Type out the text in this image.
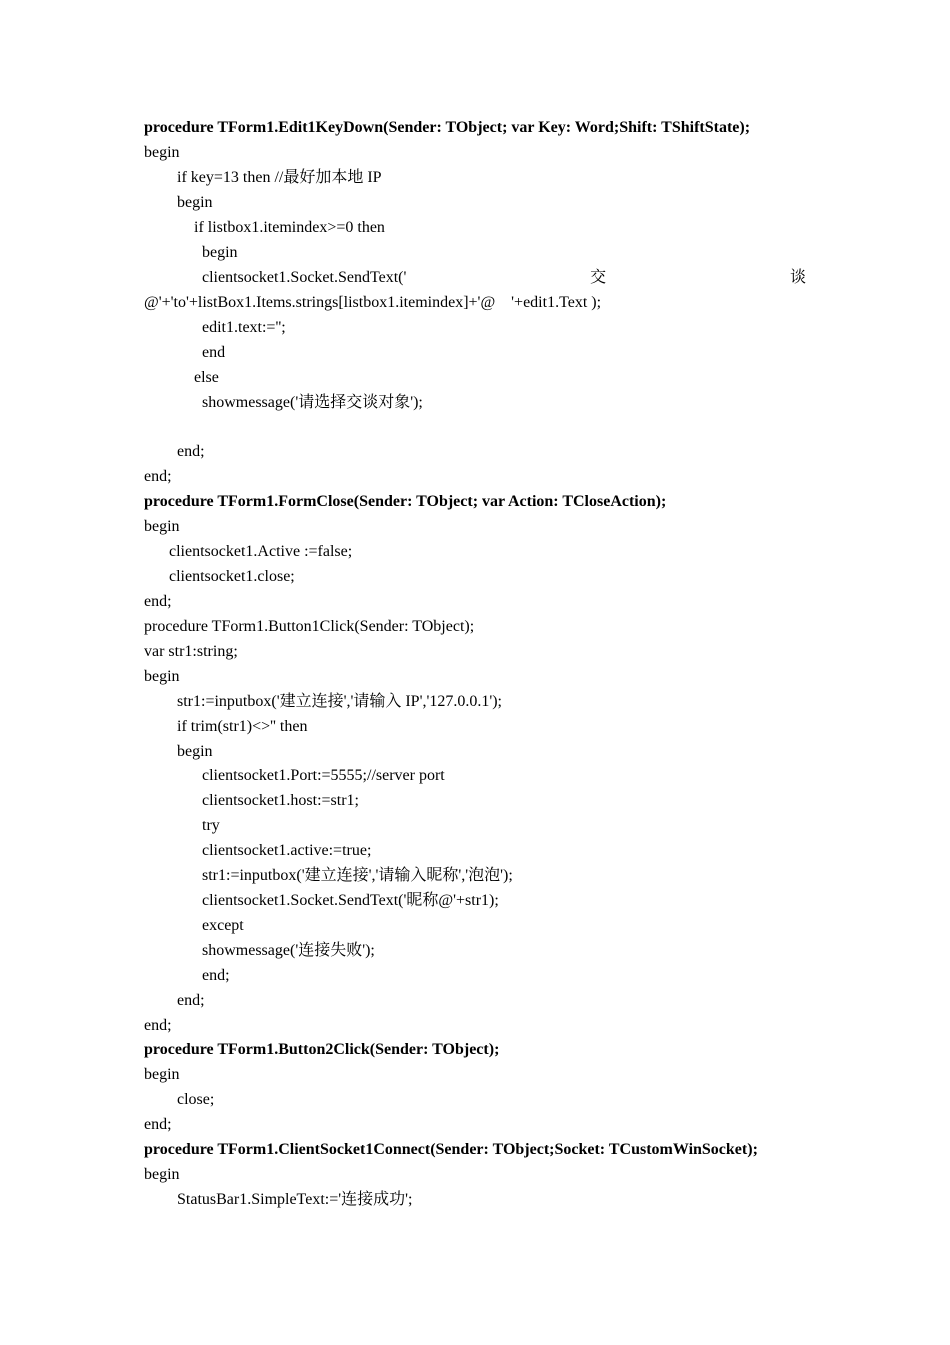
procedure TForm1.Edit1KeyDown(Sender: TObject; var Key: Word;Shift: TShiftState);
begin
if key=13 then //最好加本地 IP
begin
if listbox1.itemindex>=0 then
begin
clientsocket1.Socket.SendText('	交	谈
@'+'to'+listBox1.Items.strings[listbox1.itemindex]+'@    '+edit1.Text );
edit1.text:='';
end
else
showmessage('请选择交谈对象');
end;
end;
procedure TForm1.FormClose(Sender: TObject; var Action: TCloseAction);
begin
clientsocket1.Active :=false;
clientsocket1.close;
end;
procedure TForm1.Button1Click(Sender: TObject);
var str1:string;
begin
str1:=inputbox('建立连接','请输入 IP','127.0.0.1');
if trim(str1)<>'' then
begin
clientsocket1.Port:=5555;//server port
clientsocket1.host:=str1;
try
clientsocket1.active:=true;
str1:=inputbox('建立连接','请输入昵称','泡泡');
clientsocket1.Socket.SendText('昵称@'+str1);
except
showmessage('连接失败');
end;
end;
end;
procedure TForm1.Button2Click(Sender: TObject);
begin
close;
end;
procedure TForm1.ClientSocket1Connect(Sender: TObject;Socket: TCustomWinSocket);
begin
StatusBar1.SimpleText:='连接成功';
